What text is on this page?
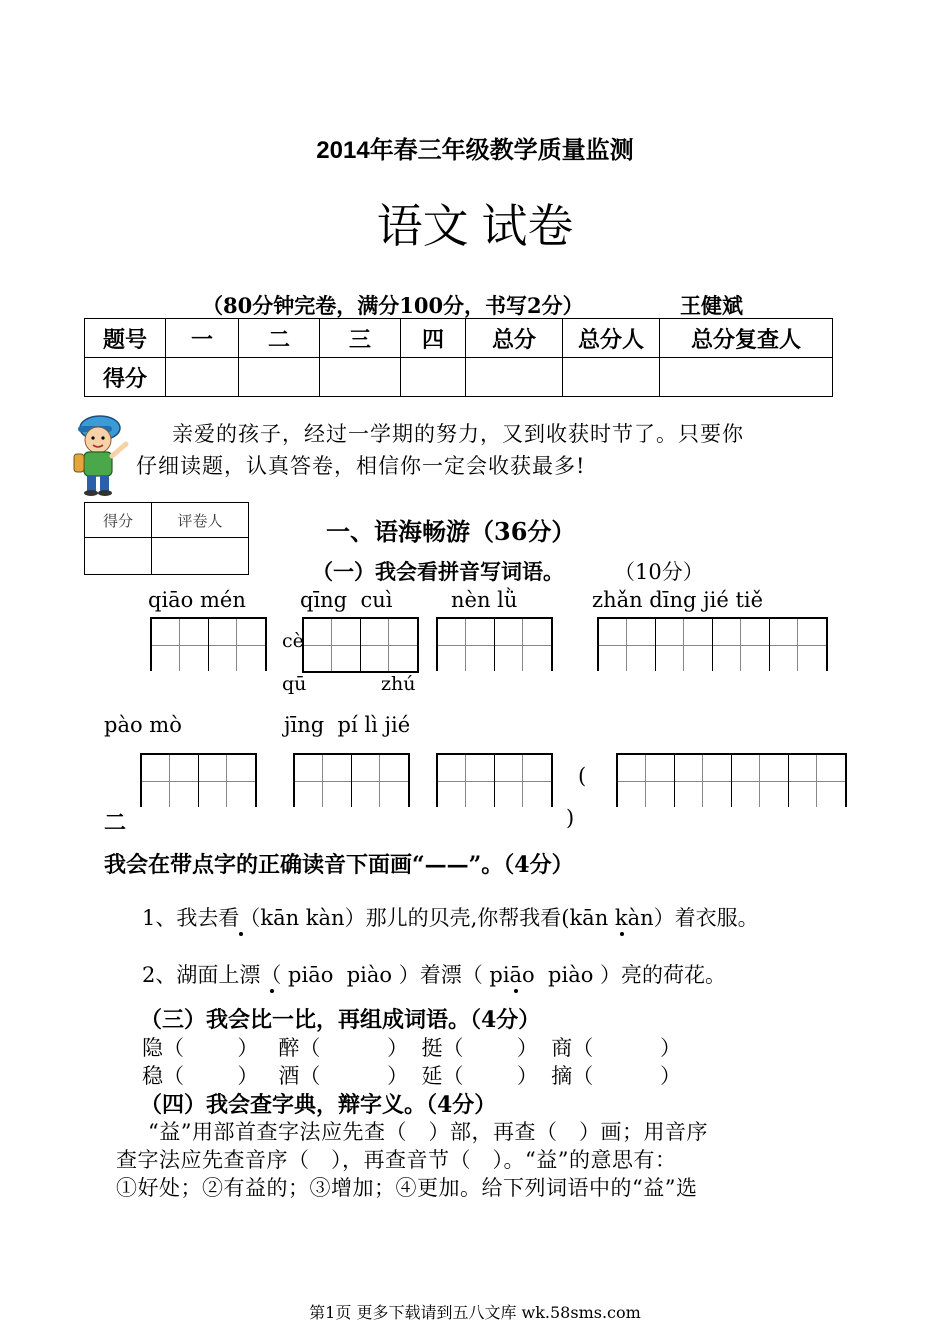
2014年春三年级教学质量监测
语文 试卷
（80分钟完卷，满分100分，书写2分）	王健斌
题号	一	二	三	四	总分	总分人	总分复查人
得分							
亲爱的孩子，经过一学期的努力，又到收获时节了。只要你
仔细读题，认真答卷，相信你一定会收获最多!
得分	评卷人
		一、语海畅游（36分）
（一）我会看拼音写词语。 （10分）
qiāo mén	qīng  cuì	nèn lǜ	zhǎn dīng jié tiě
cè
qū	zhú
pào mò	jīng  pí lì jié
(
)
二
我会在带点字的正确读音下面画“——”。（4分）
1、我去看（kān kàn）那儿的贝壳,你帮我看(kān kàn）着衣服。
2、湖面上漂（ piāo  piào ）着漂（ piāo  piào ）亮的荷花。
（三）我会比一比，再组成词语。（4分）
隐（        ）   醉（          ）  挺（        ）  商（          ）
稳（        ）   酒（          ）  延（        ）  摘（          ）
（四）我会查字典，辩字义。（4分）
“益”用部首查字法应先查（   ）部，再查（   ）画；用音序
查字法应先查音序（   ），再查音节（   ）。“益”的意思有：
①好处；②有益的；③增加；④更加。给下列词语中的“益”选
第1页 更多下载请到五八文库 wk.58sms.com
